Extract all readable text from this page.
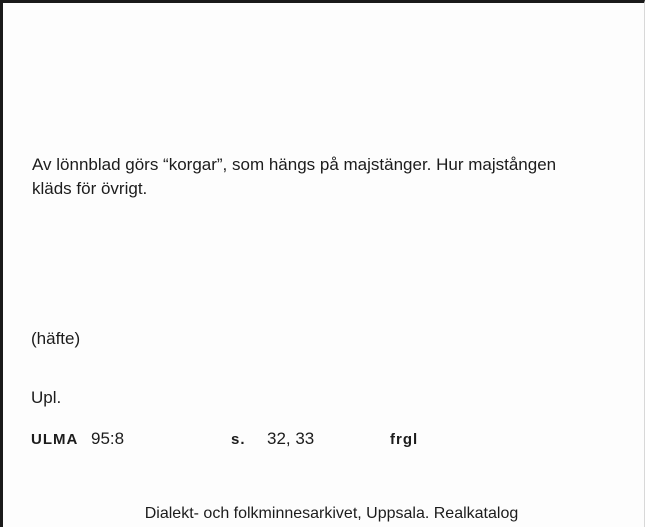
Av lönnblad görs “korgar”, som hängs på majstänger. Hur majstången kläds för övrigt.
(häfte)
Upl.
ULMA 95:8	s. 32, 33	frgl
Dialekt- och folkminnesarkivet, Uppsala. Realkatalog
